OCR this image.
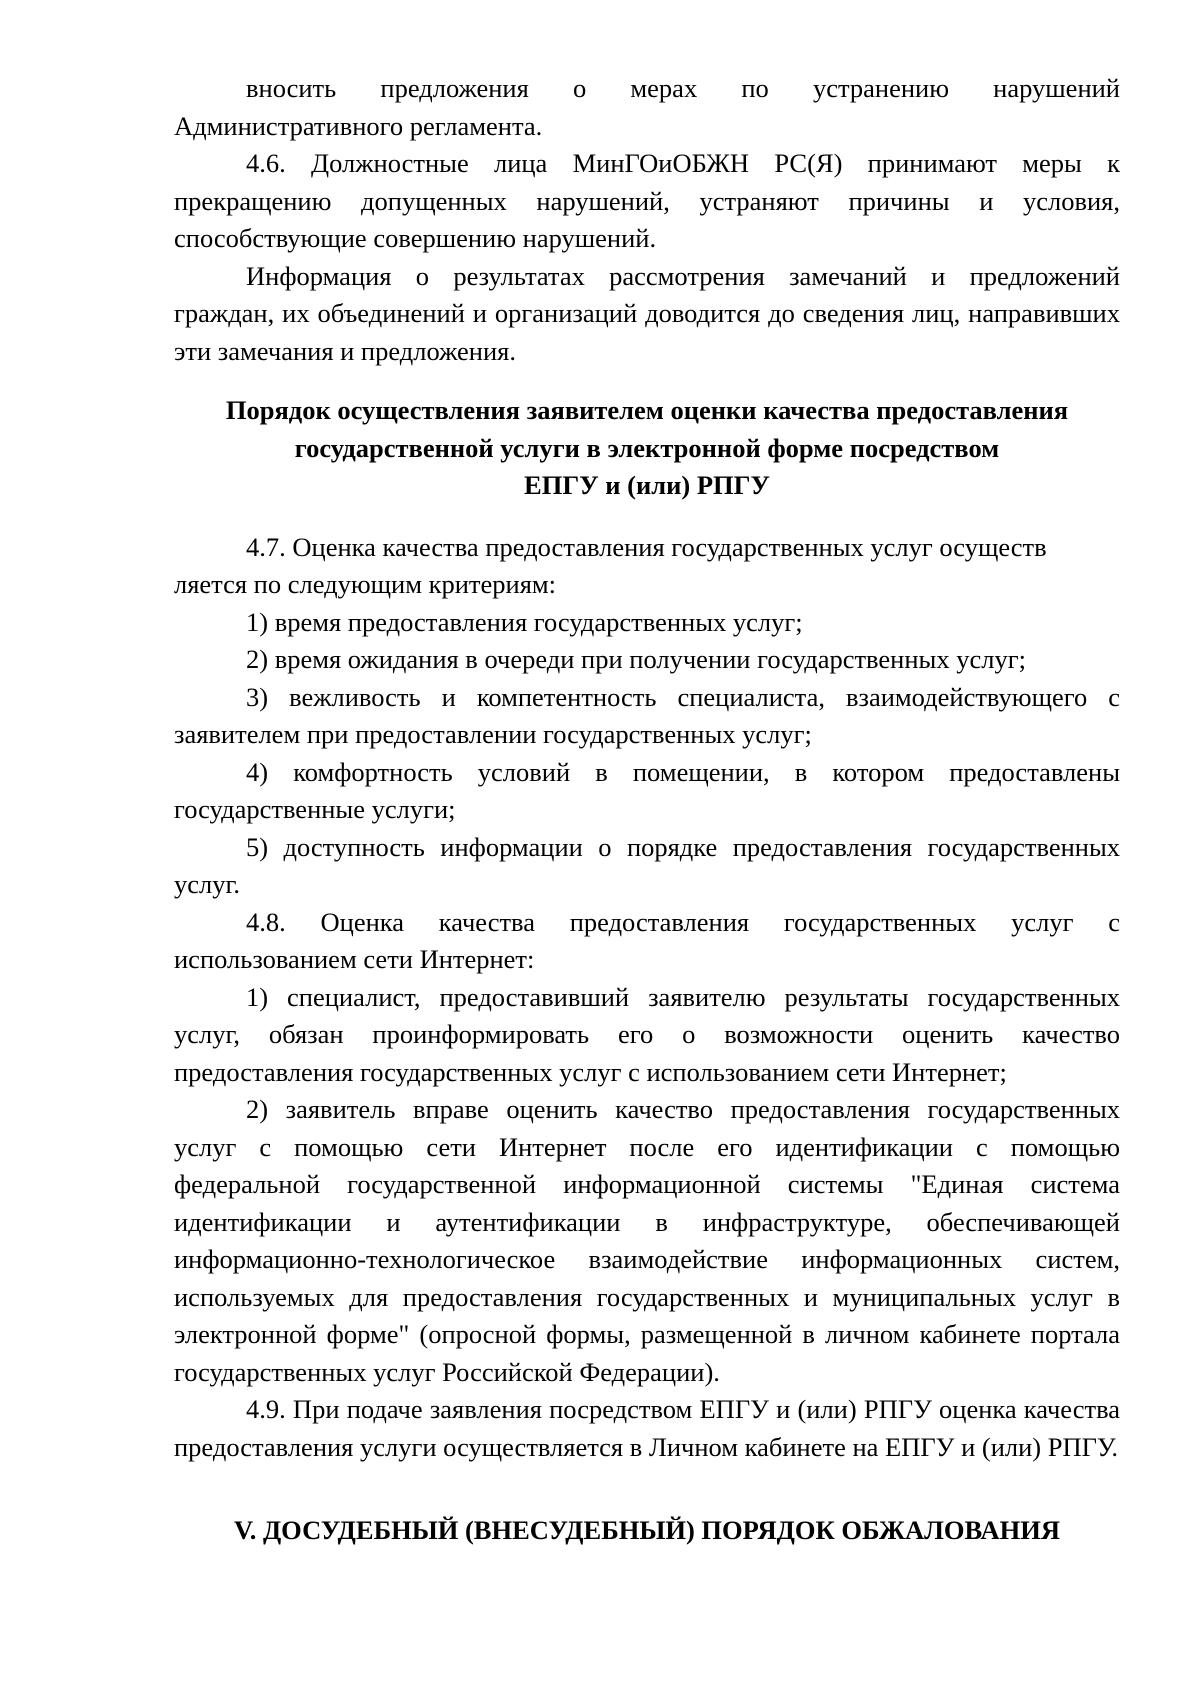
вносить предложения о мерах по устранению нарушений Административного регламента.

4.6. Должностные лица МинГОиОБЖН РС(Я) принимают меры к прекращению допущенных нарушений, устраняют причины и условия, способствующие совершению нарушений.

Информация о результатах рассмотрения замечаний и предложений граждан, их объединений и организаций доводится до сведения лиц, направивших эти замечания и предложения.

Порядок осуществления заявителем оценки качества предоставления
государственной услуги в электронной форме посредством
ЕПГУ и (или) РПГУ

4.7. Оценка качества предоставления государственных услуг осуществ ляется по следующим критериям:

1) время предоставления государственных услуг;

2) время ожидания в очереди при получении государственных услуг;

3) вежливость и компетентность специалиста, взаимодействующего с заявителем при предоставлении государственных услуг;

4) комфортность условий в помещении, в котором предоставлены государственные услуги;

5) доступность информации о порядке предоставления государственных услуг.

4.8. Оценка качества предоставления государственных услуг с использованием сети Интернет:

1) специалист, предоставивший заявителю результаты государственных услуг, обязан проинформировать его о возможности оценить качество предоставления государственных услуг с использованием сети Интернет;

2) заявитель вправе оценить качество предоставления государственных услуг с помощью сети Интернет после его идентификации с помощью федеральной государственной информационной системы "Единая система идентификации и аутентификации в инфраструктуре, обеспечивающей информационно-технологическое взаимодействие информационных систем, используемых для предоставления государственных и муниципальных услуг в электронной форме" (опросной формы, размещенной в личном кабинете портала государственных услуг Российской Федерации).

4.9. При подаче заявления посредством ЕПГУ и (или) РПГУ оценка качества предоставления услуги осуществляется в Личном кабинете на ЕПГУ и (или) РПГУ.

V. ДОСУДЕБНЫЙ (ВНЕСУДЕБНЫЙ) ПОРЯДОК ОБЖАЛОВАНИЯ
